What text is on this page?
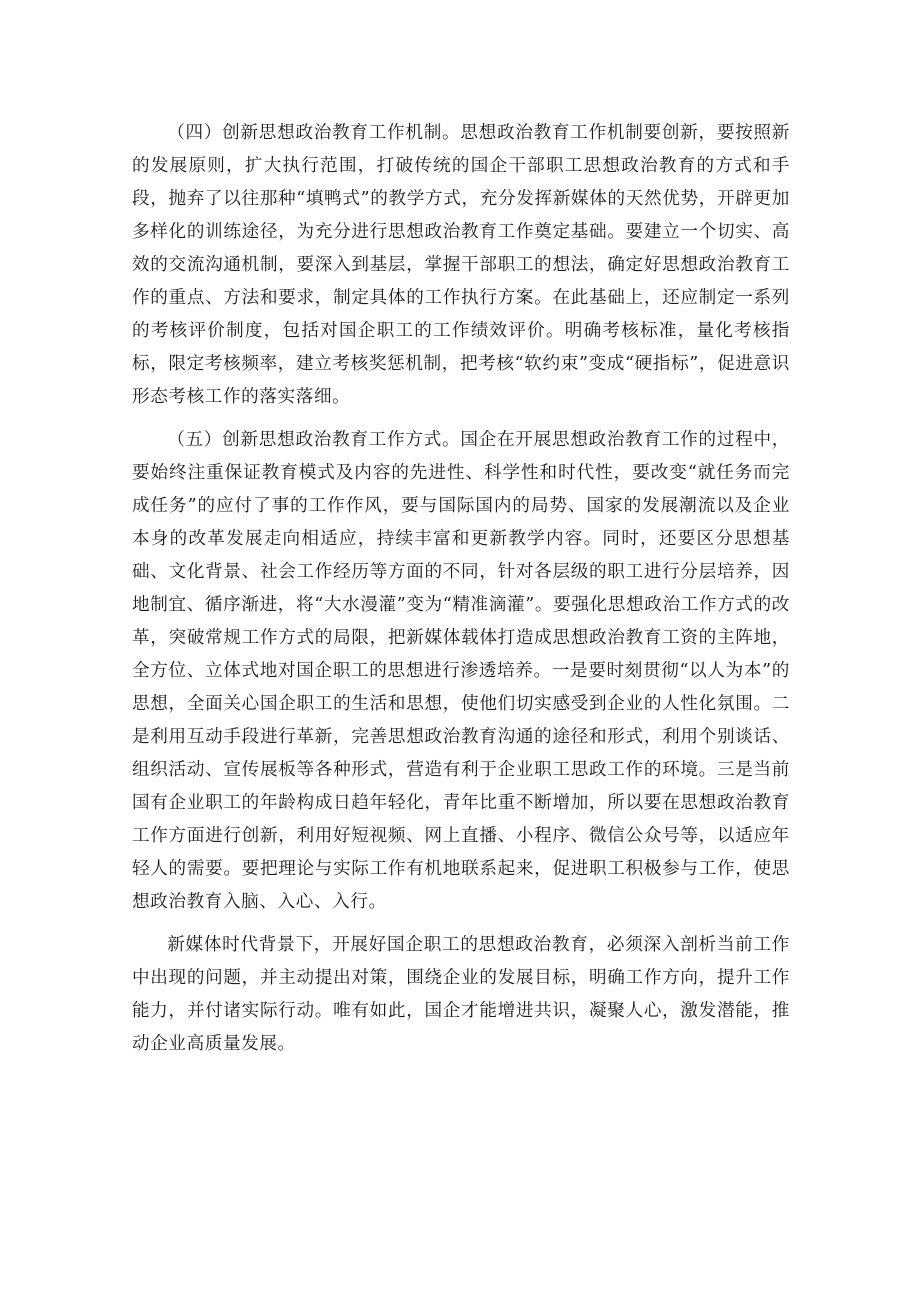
（四）创新思想政治教育工作机制。思想政治教育工作机制要创新，要按照新的发展原则，扩大执行范围，打破传统的国企干部职工思想政治教育的方式和手段，抛弃了以往那种“填鸭式”的教学方式，充分发挥新媒体的天然优势，开辟更加多样化的训练途径，为充分进行思想政治教育工作奠定基础。要建立一个切实、高效的交流沟通机制，要深入到基层，掌握干部职工的想法，确定好思想政治教育工作的重点、方法和要求，制定具体的工作执行方案。在此基础上，还应制定一系列的考核评价制度，包括对国企职工的工作绩效评价。明确考核标准，量化考核指标，限定考核频率，建立考核奖惩机制，把考核“软约束”变成“硬指标”，促进意识形态考核工作的落实落细。

（五）创新思想政治教育工作方式。国企在开展思想政治教育工作的过程中，要始终注重保证教育模式及内容的先进性、科学性和时代性，要改变“就任务而完成任务”的应付了事的工作作风，要与国际国内的局势、国家的发展潮流以及企业本身的改革发展走向相适应，持续丰富和更新教学内容。同时，还要区分思想基础、文化背景、社会工作经历等方面的不同，针对各层级的职工进行分层培养，因地制宜、循序渐进，将“大水漫灌”变为“精准滴灌”。要强化思想政治工作方式的改革，突破常规工作方式的局限，把新媒体载体打造成思想政治教育工资的主阵地，全方位、立体式地对国企职工的思想进行渗透培养。一是要时刻贯彻“以人为本”的思想，全面关心国企职工的生活和思想，使他们切实感受到企业的人性化氛围。二是利用互动手段进行革新，完善思想政治教育沟通的途径和形式，利用个别谈话、组织活动、宣传展板等各种形式，营造有利于企业职工思政工作的环境。三是当前国有企业职工的年龄构成日趋年轻化，青年比重不断增加，所以要在思想政治教育工作方面进行创新，利用好短视频、网上直播、小程序、微信公众号等，以适应年轻人的需要。要把理论与实际工作有机地联系起来，促进职工积极参与工作，使思想政治教育入脑、入心、入行。

新媒体时代背景下，开展好国企职工的思想政治教育，必须深入剖析当前工作中出现的问题，并主动提出对策，围绕企业的发展目标，明确工作方向，提升工作能力，并付诸实际行动。唯有如此，国企才能增进共识，凝聚人心，激发潜能，推动企业高质量发展。
